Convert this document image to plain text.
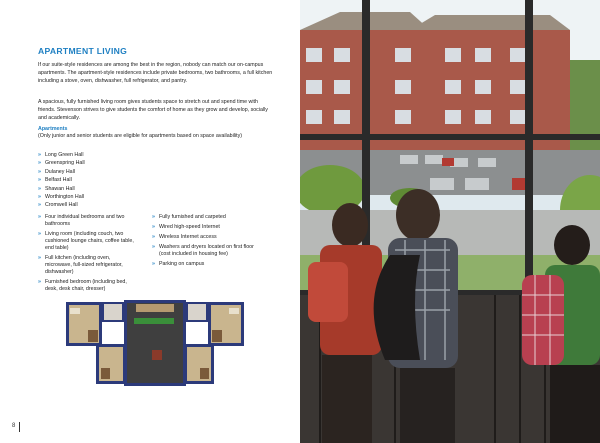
APARTMENT LIVING
If our suite-style residences are among the best in the region, nobody can match our on-campus apartments. The apartment-style residences include private bedrooms, two bathrooms, a full kitchen including a stove, oven, dishwasher, full refrigerator, and pantry.
A spacious, fully furnished living room gives students space to stretch out and spend time with friends. Stevenson strives to give students the comfort of home as they grow and develop, socially and academically.
Apartments
(Only junior and senior students are eligible for apartments based on space availability)
» Long Green Hall
» Greenspring Hall
» Dulaney Hall
» Belfast Hall
» Shawan Hall
» Worthington Hall
» Cromwell Hall
» Four individual bedrooms and two bathrooms
» Living room (including couch, two cushioned lounge chairs, coffee table, end table)
» Full kitchen (including oven, microwave, full-sized refrigerator, dishwasher)
» Furnished bedroom (including bed, desk, desk chair, dresser)
» Fully furnished and carpeted
» Wired high-speed Internet
» Wireless Internet access
» Washers and dryers located on first floor (cost included in housing fee)
» Parking on campus
8
